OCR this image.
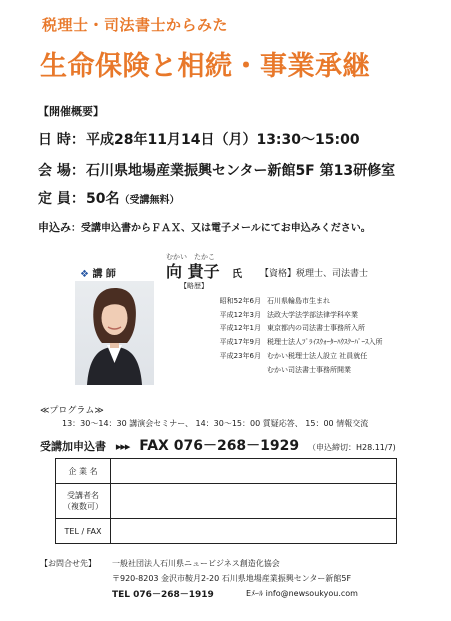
税理士・司法書士からみた
生命保険と相続・事業承継
【開催概要】
日 時：平成28年11月14日（月）13:30～15:00
会 場：石川県地場産業振興センター新館5F 第13研修室
定 員：50名（受講無料）
申込み：受講申込書からＦＡＸ、又は電子メールにてお申込みください。
❖ 講 師
むかい　たかこ
向 貴子 氏 【資格】税理士、司法書士
【略歴】
昭和52年6月 石川県輪島市生まれ
平成12年3月 法政大学法学部法律学科卒業
平成12年1月 東京都内の司法書士事務所入所
平成17年9月 税理士法人ﾌﾟﾗｲｽｳｫｰﾀｰﾊｳｽｸｰﾊﾟｰｽ入所
平成23年6月 むかい税理士法人設立 社員就任
むかい司法書士事務所開業
≪プログラム≫
13：30～14：30 講演会セミナー、 14：30～15：00 質疑応答、 15：00 情報交流
受講加申込書 ▸▸▸ FAX 076－268－1929 （申込締切：H28.11/7)
企 業 名	

受講者名
（複数可）	

TEL / FAX	
【お問合せ先】 一般社団法人石川県ニュービジネス創造化協会
〒920-8203 金沢市鞍月2-20 石川県地場産業振興センター新館5F
TEL 076－268－1919	Eﾒｰﾙ info@newsoukyou.com
